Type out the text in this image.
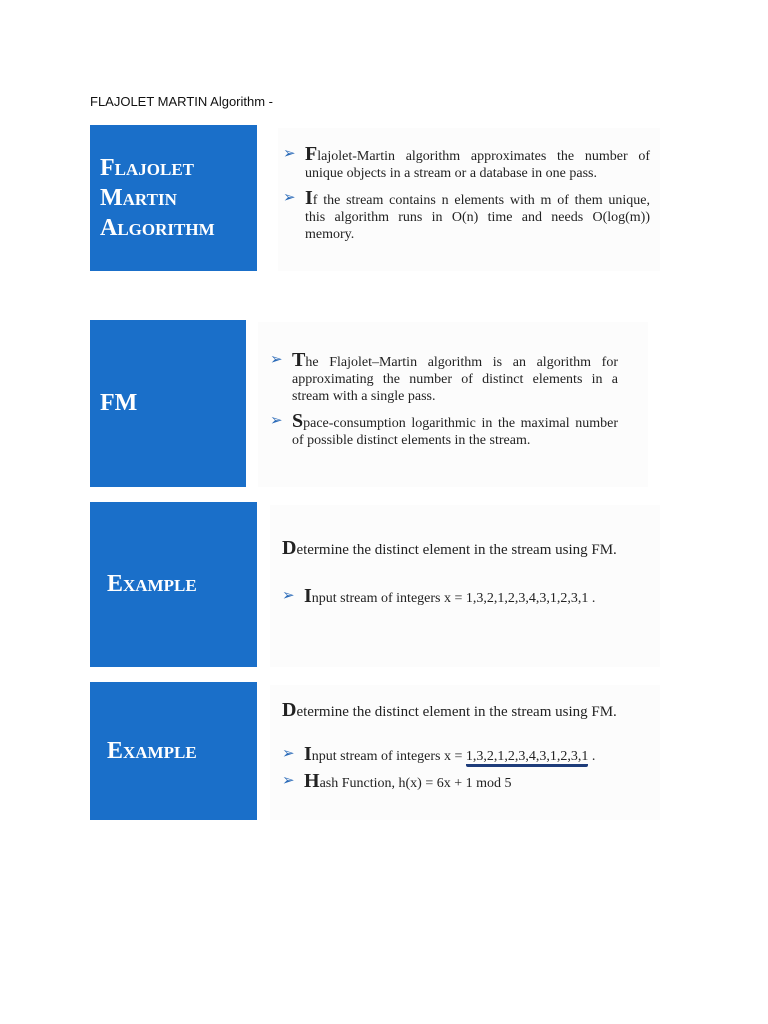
FLAJOLET MARTIN Algorithm -
Flajolet
Martin
Algorithm
➢ Flajolet-Martin algorithm approximates the number of unique objects in a stream or a database in one pass.
➢ If the stream contains n elements with m of them unique, this algorithm runs in O(n) time and needs O(log(m)) memory.
FM
➢ The Flajolet–Martin algorithm is an algorithm for approximating the number of distinct elements in a stream with a single pass.
➢ Space-consumption logarithmic in the maximal number of possible distinct elements in the stream.
Example
Determine the distinct element in the stream using FM.
➢ Input stream of integers x = 1,3,2,1,2,3,4,3,1,2,3,1 .
Example
Determine the distinct element in the stream using FM.
➢ Input stream of integers x = 1,3,2,1,2,3,4,3,1,2,3,1 .
➢ Hash Function, h(x) = 6x + 1 mod 5
